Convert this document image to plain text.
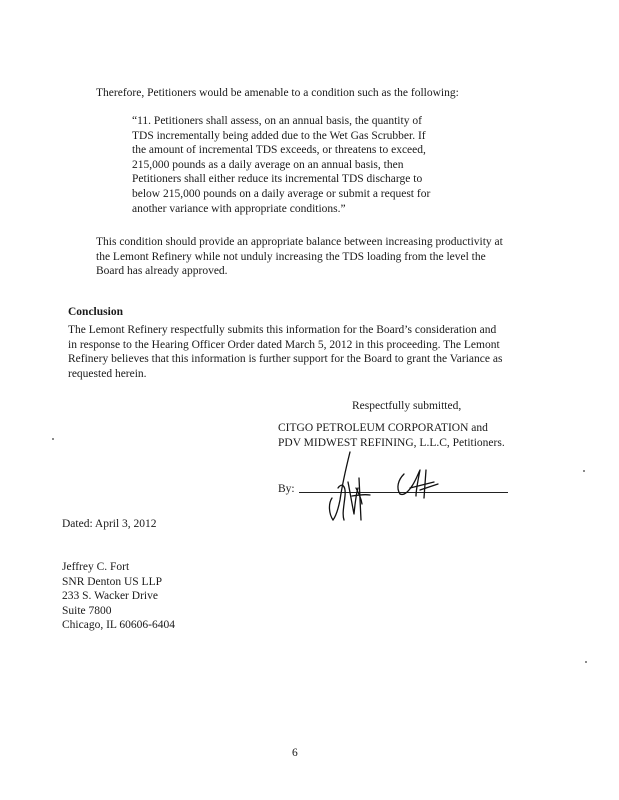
Therefore, Petitioners would be amenable to a condition such as the following:
“11. Petitioners shall assess, on an annual basis, the quantity of
TDS incrementally being added due to the Wet Gas Scrubber. If
the amount of incremental TDS exceeds, or threatens to exceed,
215,000 pounds as a daily average on an annual basis, then
Petitioners shall either reduce its incremental TDS discharge to
below 215,000 pounds on a daily average or submit a request for
another variance with appropriate conditions.”
This condition should provide an appropriate balance between increasing productivity at
the Lemont Refinery while not unduly increasing the TDS loading from the level the
Board has already approved.
Conclusion
The Lemont Refinery respectfully submits this information for the Board’s consideration and
in response to the Hearing Officer Order dated March 5, 2012 in this proceeding. The Lemont
Refinery believes that this information is further support for the Board to grant the Variance as
requested herein.
Respectfully submitted,
CITGO PETROLEUM CORPORATION and
PDV MIDWEST REFINING, L.L.C, Petitioners.
By:
Dated: April 3, 2012
Jeffrey C. Fort
SNR Denton US LLP
233 S. Wacker Drive
Suite 7800
Chicago, IL 60606-6404
6
